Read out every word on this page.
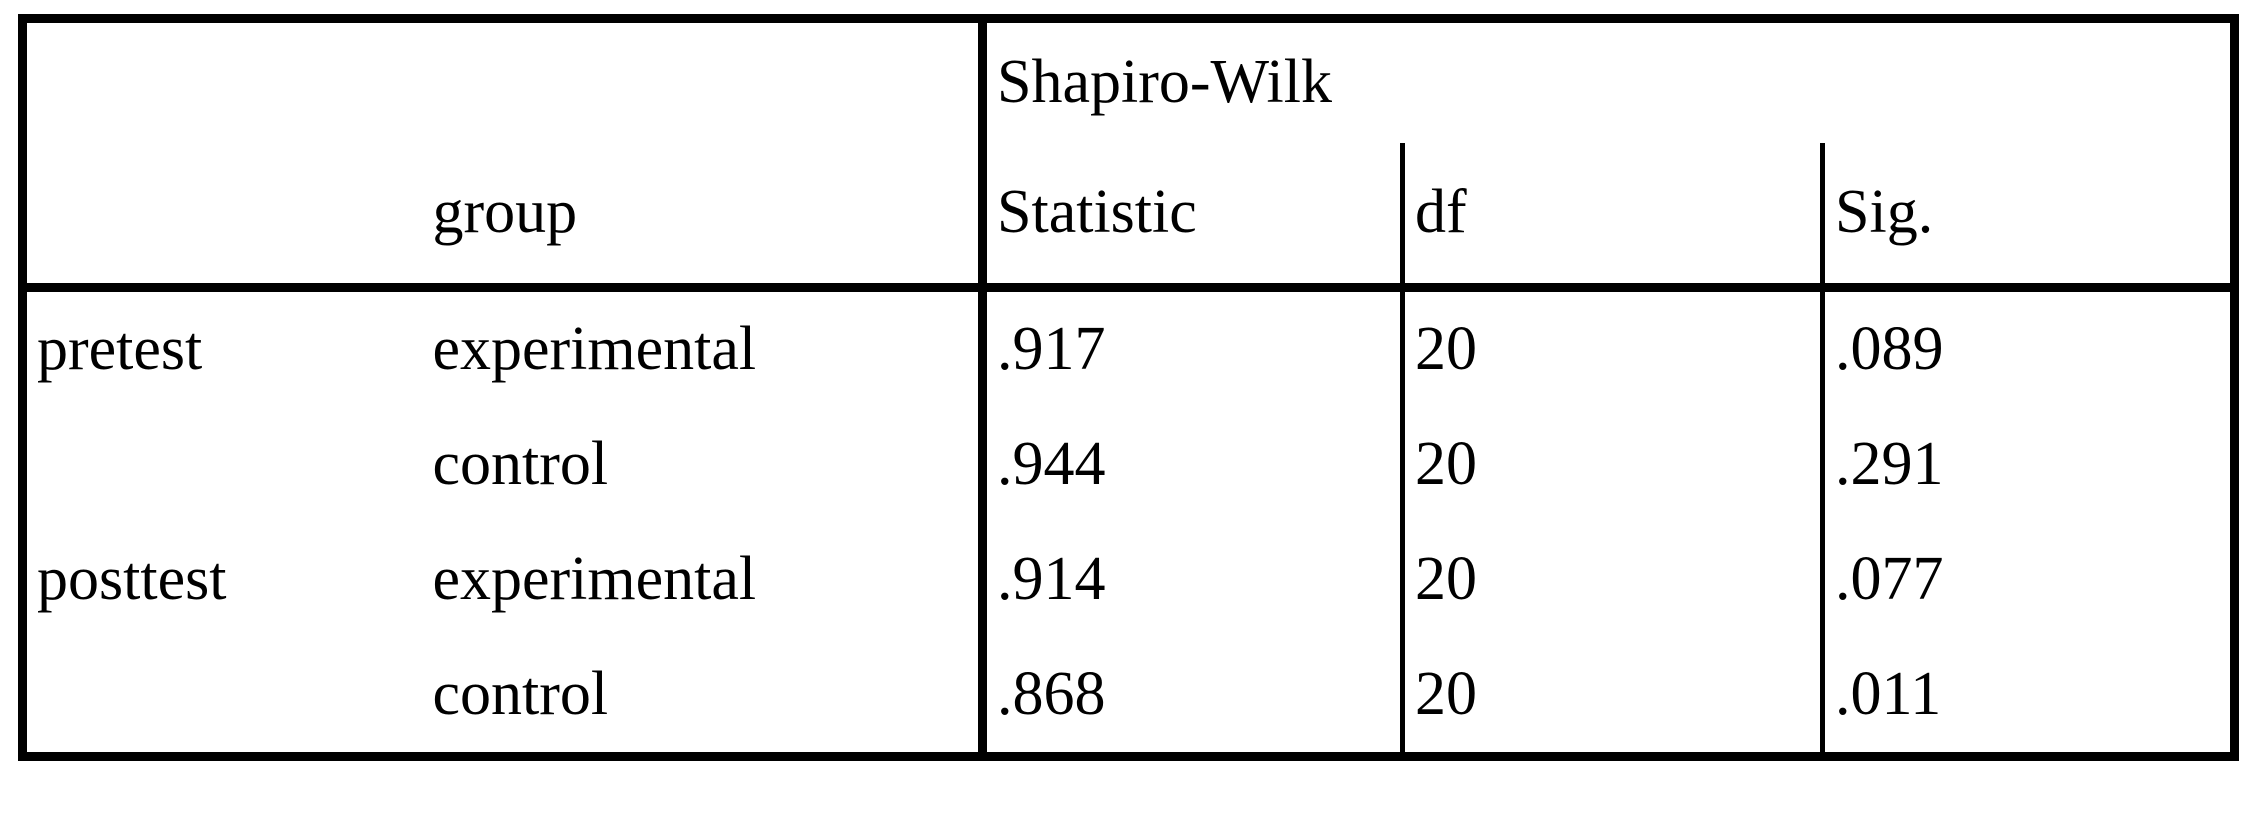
		Shapiro-Wilk		
	group	Statistic	df	Sig.
pretest	experimental	.917	20	.089
	control	.944	20	.291
posttest	experimental	.914	20	.077
	control	.868	20	.011
